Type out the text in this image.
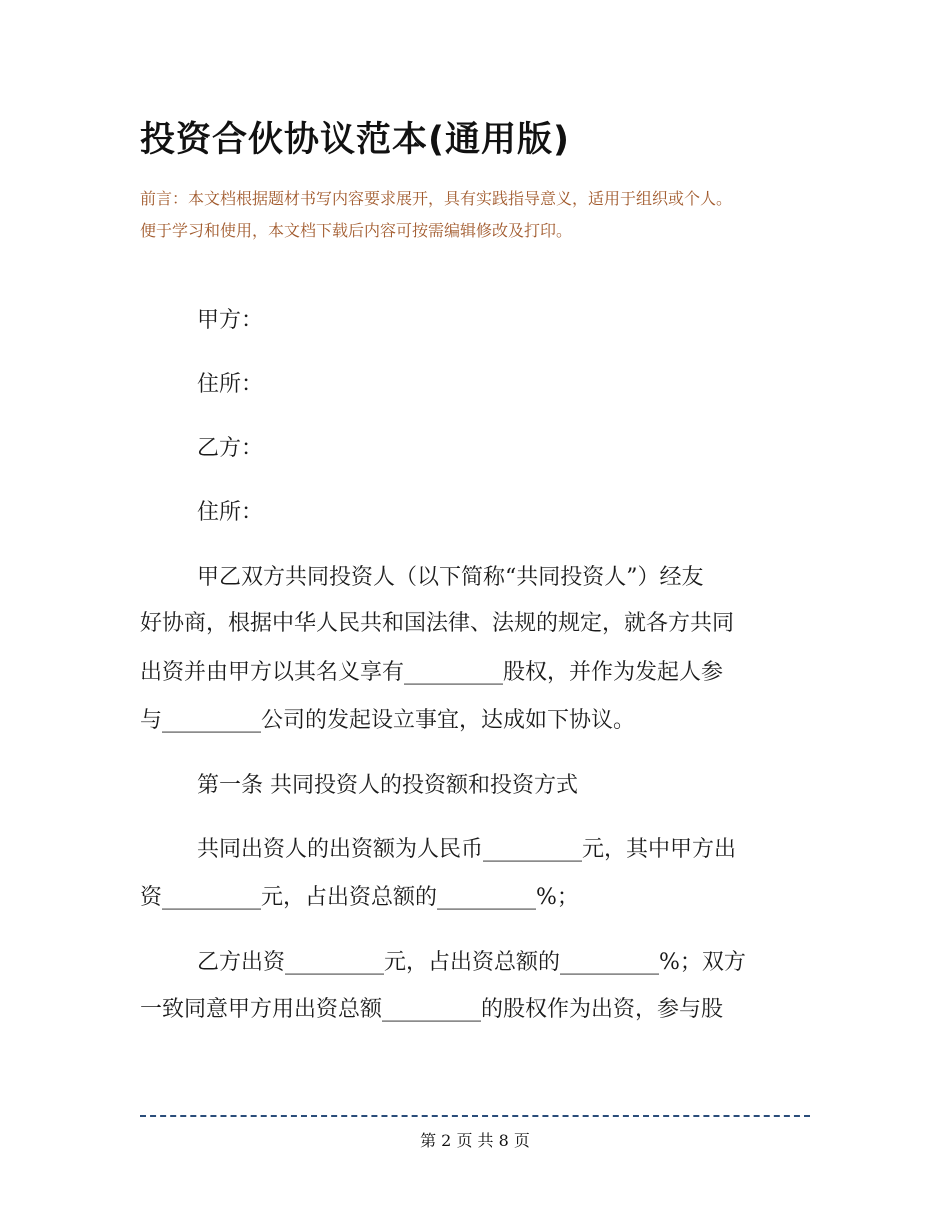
投资合伙协议范本(通用版)

前言：本文档根据题材书写内容要求展开，具有实践指导意义，适用于组织或个人。

便于学习和使用，本文档下载后内容可按需编辑修改及打印。

甲方：
住所：
乙方：
住所：
甲乙双方共同投资人（以下简称“共同投资人”）经友
好协商，根据中华人民共和国法律、法规的规定，就各方共同
出资并由甲方以其名义享有_________股权，并作为发起人参
与_________公司的发起设立事宜，达成如下协议。
第一条 共同投资人的投资额和投资方式
共同出资人的出资额为人民币_________元，其中甲方出
资_________元，占出资总额的_________%；
乙方出资_________元，占出资总额的_________%；双方
一致同意甲方用出资总额_________的股权作为出资，参与股
第 2 页 共 8 页
